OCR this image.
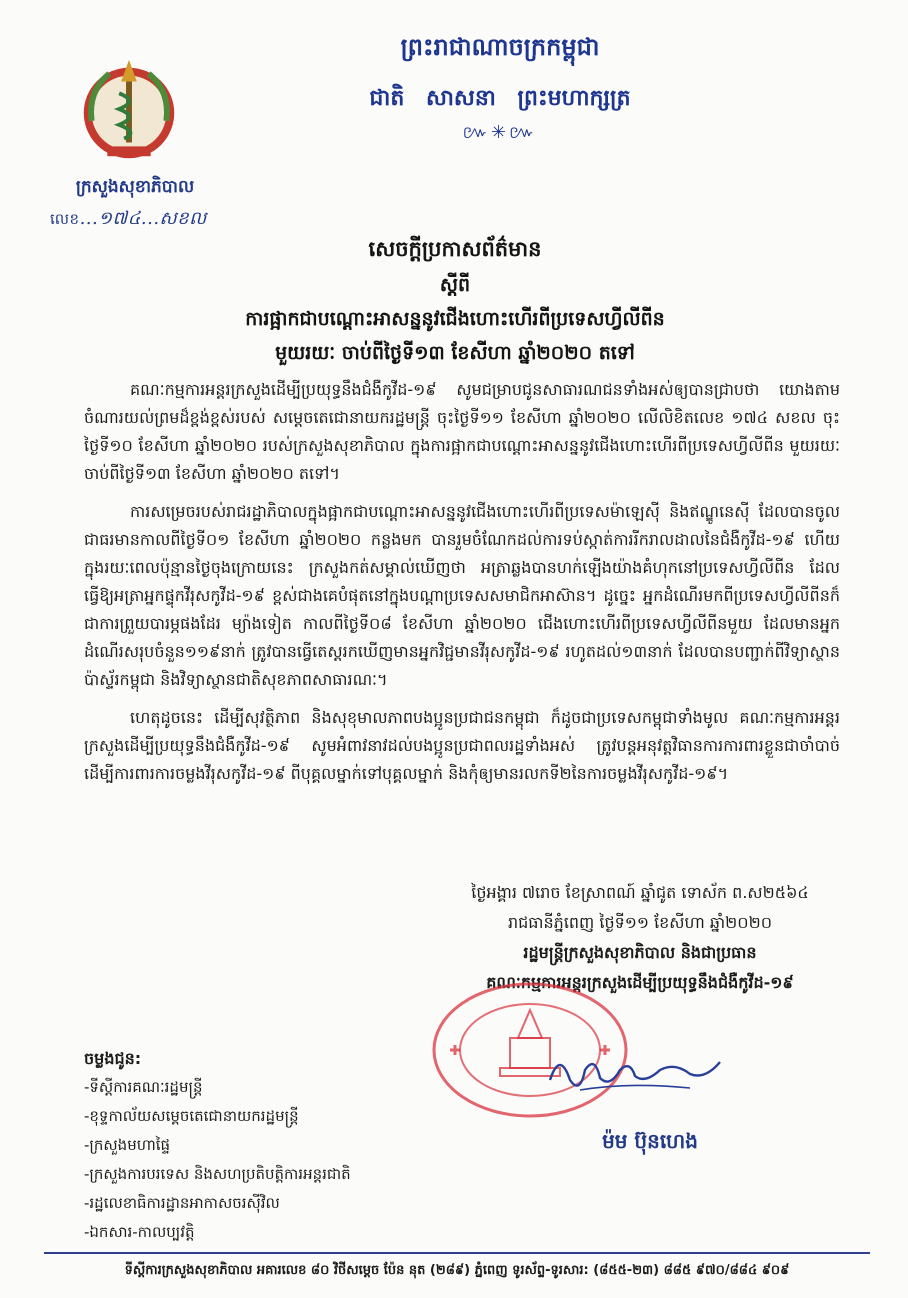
ក្រសួងសុខាភិបាល
លេខ...១៧៤...សខល
ព្រះរាជាណាចក្រកម្ពុជា
ជាតិ សាសនា ព្រះមហាក្សត្រ
៚✳៚
សេចក្តីប្រកាសព័ត៌មាន
ស្តីពី
ការផ្អាកជាបណ្តោះអាសន្ននូវជើងហោះហើរពីប្រទេសហ្វីលីពីន
មួយរយៈ ចាប់ពីថ្ងៃទី១៣ ខែសីហា ឆ្នាំ២០២០ តទៅ

គណៈកម្មការអន្តរក្រសួងដើម្បីប្រយុទ្ធនឹងជំងឺកូវីដ-១៩ សូមជម្រាបជូនសាធារណជនទាំងអស់ឲ្យបានជ្រាបថា យោងតាមចំណារយល់ព្រមដ៏ខ្ពង់ខ្ពស់របស់ សម្តេចតេជោនាយករដ្ឋមន្ត្រី ចុះថ្ងៃទី១១ ខែសីហា ឆ្នាំ២០២០ លើលិខិតលេខ ១៧៤ សខល ចុះថ្ងៃទី១០ ខែសីហា ឆ្នាំ២០២០ របស់ក្រសួងសុខាភិបាល ក្នុងការផ្អាកជាបណ្តោះអាសន្ននូវជើងហោះហើរពីប្រទេសហ្វីលីពីន មួយរយៈ ចាប់ពីថ្ងៃទី១៣ ខែសីហា ឆ្នាំ២០២០ តទៅ។

ការសម្រេចរបស់រាជរដ្ឋាភិបាលក្នុងផ្អាកជាបណ្តោះអាសន្ននូវជើងហោះហើរពីប្រទេសម៉ាឡេស៊ី និងឥណ្ឌូនេស៊ី ដែលបានចូលជាធរមានកាលពីថ្ងៃទី០១ ខែសីហា ឆ្នាំ២០២០ កន្លងមក បានរួមចំណែកដល់ការទប់ស្កាត់ការរីករាលដាលនៃជំងឺកូវីដ-១៩ ហើយក្នុងរយៈពេលប៉ុន្មានថ្ងៃចុងក្រោយនេះ ក្រសួងកត់សម្គាល់ឃើញថា អត្រាឆ្លងបានហក់ឡើងយ៉ាងគំហុកនៅប្រទេសហ្វីលីពីន ដែលធ្វើឱ្យអត្រាអ្នកផ្ទុកវីរុសកូវីដ-១៩ ខ្ពស់ជាងគេបំផុតនៅក្នុងបណ្តាប្រទេសសមាជិកអាស៊ាន។ ដូច្នេះ អ្នកដំណើរមកពីប្រទេសហ្វីលីពីនក៏ជាការព្រួយបារម្ភផងដែរ ម្យ៉ាងទៀត កាលពីថ្ងៃទី០៨ ខែសីហា ឆ្នាំ២០២០ ជើងហោះហើរពីប្រទេសហ្វីលីពីនមួយ ដែលមានអ្នកដំណើរសរុបចំនួន១១៩នាក់ ត្រូវបានធ្វើតេស្តរកឃើញមានអ្នកវិជ្ជមានវីរុសកូវីដ-១៩ រហូតដល់១៣នាក់ ដែលបានបញ្ជាក់ពីវិទ្យាស្ថានប៉ាស្ទ័រកម្ពុជា និងវិទ្យាស្ថានជាតិសុខភាពសាធារណៈ។

ហេតុដូចនេះ ដើម្បីសុវត្ថិភាព និងសុខុមាលភាពបងប្អូនប្រជាជនកម្ពុជា ក៏ដូចជាប្រទេសកម្ពុជាទាំងមូល គណៈកម្មការអន្តរក្រសួងដើម្បីប្រយុទ្ធនឹងជំងឺកូវីដ-១៩ សូមអំពាវនាវដល់បងប្អូនប្រជាពលរដ្ឋទាំងអស់ ត្រូវបន្តអនុវត្តវិធានការការពារខ្លួនជាចាំបាច់ ដើម្បីការពារការចម្លងវីរុសកូវីដ-១៩ ពីបុគ្គលម្នាក់ទៅបុគ្គលម្នាក់ និងកុំឲ្យមានរលកទី២នៃការចម្លងវីរុសកូវីដ-១៩។

ថ្ងៃអង្គារ ៧រោច ខែស្រាពណ៍ ឆ្នាំជូត ទោស័ក ព.ស២៥៦៤
រាជធានីភ្នំពេញ ថ្ងៃទី១១ ខែសីហា ឆ្នាំ២០២០
រដ្ឋមន្ត្រីក្រសួងសុខាភិបាល និងជាប្រធាន
គណៈកម្មការអន្តរក្រសួងដើម្បីប្រយុទ្ធនឹងជំងឺកូវីដ-១៩
ម៉ម ប៊ុនហេង
ចម្លងជូន:
-ទីស្តីការគណៈរដ្ឋមន្ត្រី
-ខុទ្ទកាល័យសម្តេចតេជោនាយករដ្ឋមន្ត្រី
-ក្រសួងមហាផ្ទៃ
-ក្រសួងការបរទេស និងសហប្រតិបត្តិការអន្តរជាតិ
-រដ្ឋលេខាធិការដ្ឋានអាកាសចរស៊ីវិល
-ឯកសារ-កាលប្បវត្តិ
ទីស្តីការក្រសួងសុខាភិបាល អគារលេខ ៨០ វិថីសម្តេច ប៉ែន នុត (២៨៩) ភ្នំពេញ ទូរស័ព្ទ-ទូរសារ: (៨៥៥-២៣) ៨៨៥ ៩៧០/៨៨៤ ៩០៩
